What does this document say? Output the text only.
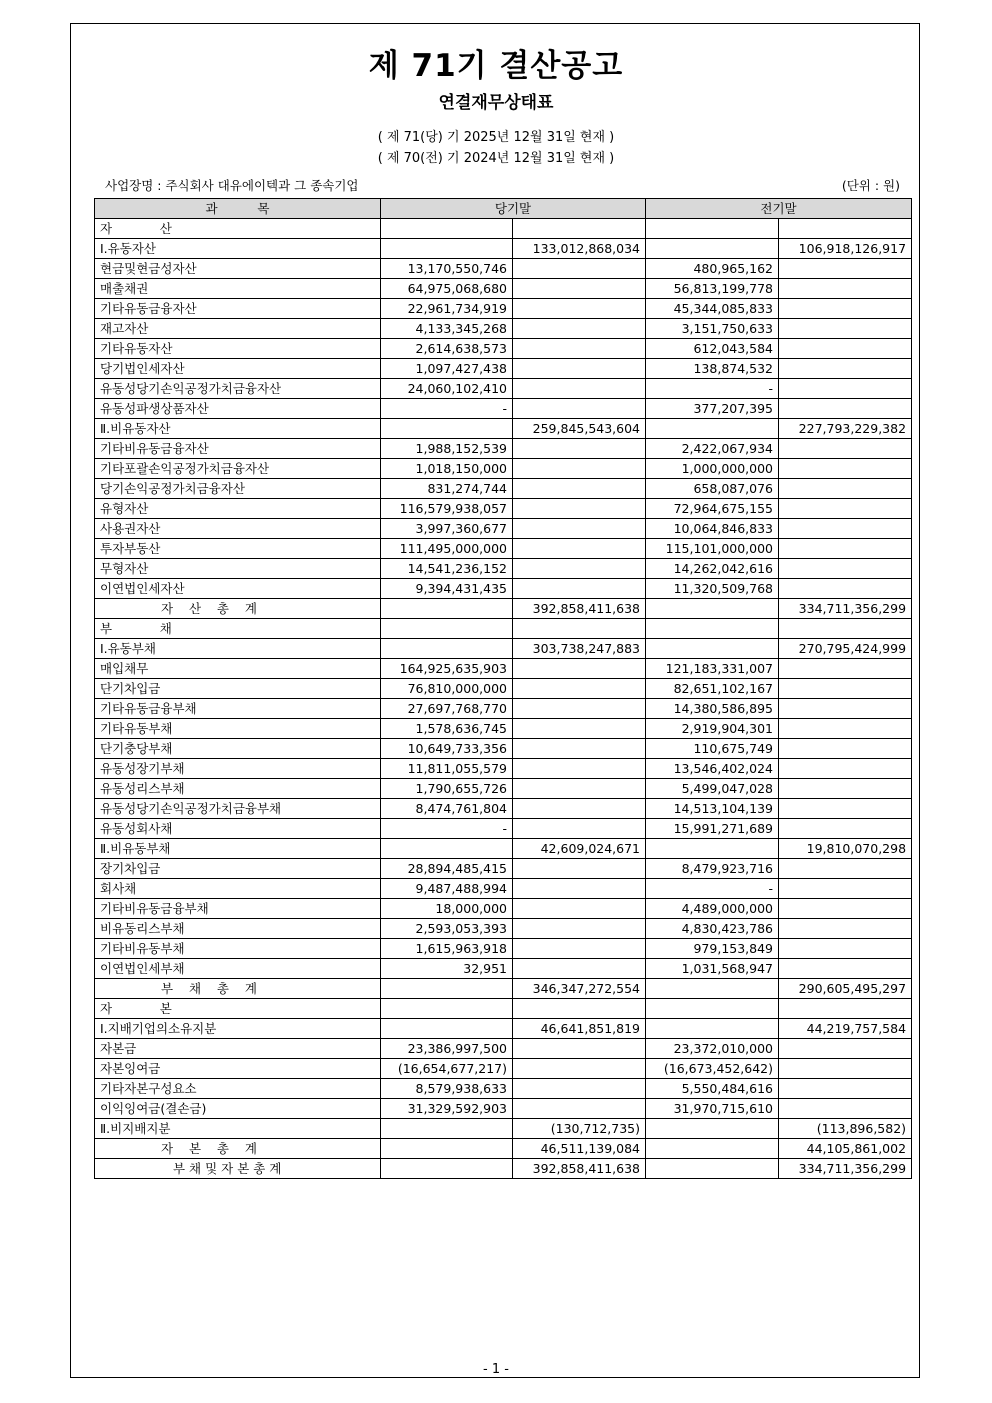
제 71기 결산공고
연결재무상태표
( 제 71(당) 기 2025년 12월 31일 현재 )
( 제 70(전) 기 2024년 12월 31일 현재 )
사업장명 : 주식회사 대유에이텍과 그 종속기업	(단위 : 원)
과          목	당기말		전기말	
자            산				
Ⅰ.유동자산		133,012,868,034		106,918,126,917
현금및현금성자산	13,170,550,746		480,965,162	
매출채권	64,975,068,680		56,813,199,778	
기타유동금융자산	22,961,734,919		45,344,085,833	
재고자산	4,133,345,268		3,151,750,633	
기타유동자산	2,614,638,573		612,043,584	
당기법인세자산	1,097,427,438		138,874,532	
유동성당기손익공정가치금융자산	24,060,102,410		-	
유동성파생상품자산	-		377,207,395	
Ⅱ.비유동자산		259,845,543,604		227,793,229,382
기타비유동금융자산	1,988,152,539		2,422,067,934	
기타포괄손익공정가치금융자산	1,018,150,000		1,000,000,000	
당기손익공정가치금융자산	831,274,744		658,087,076	
유형자산	116,579,938,057		72,964,675,155	
사용권자산	3,997,360,677		10,064,846,833	
투자부동산	111,495,000,000		115,101,000,000	
무형자산	14,541,236,152		14,262,042,616	
이연법인세자산	9,394,431,435		11,320,509,768	
자    산    총    계		392,858,411,638		334,711,356,299
부            채				
Ⅰ.유동부채		303,738,247,883		270,795,424,999
매입채무	164,925,635,903		121,183,331,007	
단기차입금	76,810,000,000		82,651,102,167	
기타유동금융부채	27,697,768,770		14,380,586,895	
기타유동부채	1,578,636,745		2,919,904,301	
단기충당부채	10,649,733,356		110,675,749	
유동성장기부채	11,811,055,579		13,546,402,024	
유동성리스부채	1,790,655,726		5,499,047,028	
유동성당기손익공정가치금융부채	8,474,761,804		14,513,104,139	
유동성회사채	-		15,991,271,689	
Ⅱ.비유동부채		42,609,024,671		19,810,070,298
장기차입금	28,894,485,415		8,479,923,716	
회사채	9,487,488,994		-	
기타비유동금융부채	18,000,000		4,489,000,000	
비유동리스부채	2,593,053,393		4,830,423,786	
기타비유동부채	1,615,963,918		979,153,849	
이연법인세부채	32,951		1,031,568,947	
부    채    총    계		346,347,272,554		290,605,495,297
자            본				
Ⅰ.지배기업의소유지분		46,641,851,819		44,219,757,584
자본금	23,386,997,500		23,372,010,000	
자본잉여금	(16,654,677,217)		(16,673,452,642)	
기타자본구성요소	8,579,938,633		5,550,484,616	
이익잉여금(결손금)	31,329,592,903		31,970,715,610	
Ⅱ.비지배지분		(130,712,735)		(113,896,582)
자    본    총    계		46,511,139,084		44,105,861,002
부 채 및 자 본 총 계		392,858,411,638		334,711,356,299
- 1 -
